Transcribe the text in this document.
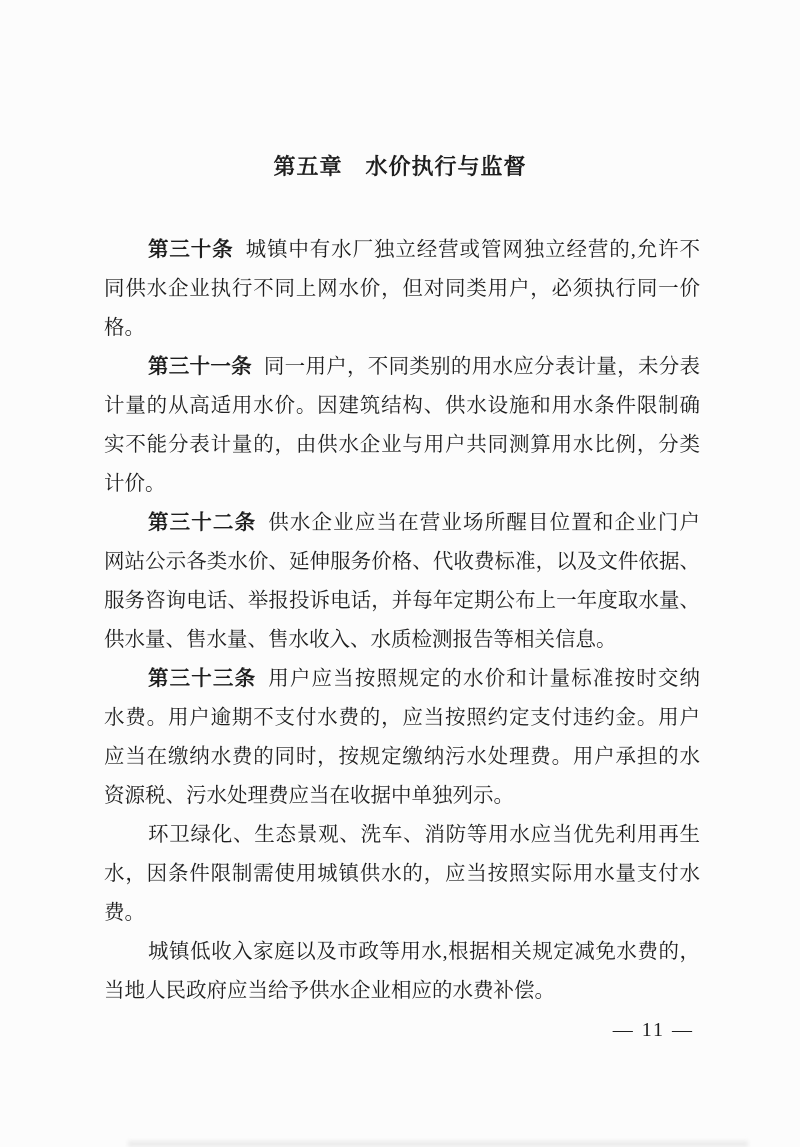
第五章　水价执行与监督
第三十条 城镇中有水厂独立经营或管网独立经营的,允许不
同供水企业执行不同上网水价，但对同类用户，必须执行同一价
格。
第三十一条 同一用户，不同类别的用水应分表计量，未分表
计量的从高适用水价。因建筑结构、供水设施和用水条件限制确
实不能分表计量的，由供水企业与用户共同测算用水比例，分类
计价。
第三十二条 供水企业应当在营业场所醒目位置和企业门户
网站公示各类水价、延伸服务价格、代收费标准，以及文件依据、
服务咨询电话、举报投诉电话，并每年定期公布上一年度取水量、
供水量、售水量、售水收入、水质检测报告等相关信息。
第三十三条 用户应当按照规定的水价和计量标准按时交纳
水费。用户逾期不支付水费的，应当按照约定支付违约金。用户
应当在缴纳水费的同时，按规定缴纳污水处理费。用户承担的水
资源税、污水处理费应当在收据中单独列示。
环卫绿化、生态景观、洗车、消防等用水应当优先利用再生
水，因条件限制需使用城镇供水的，应当按照实际用水量支付水
费。
城镇低收入家庭以及市政等用水,根据相关规定减免水费的，
当地人民政府应当给予供水企业相应的水费补偿。
— 11 —
